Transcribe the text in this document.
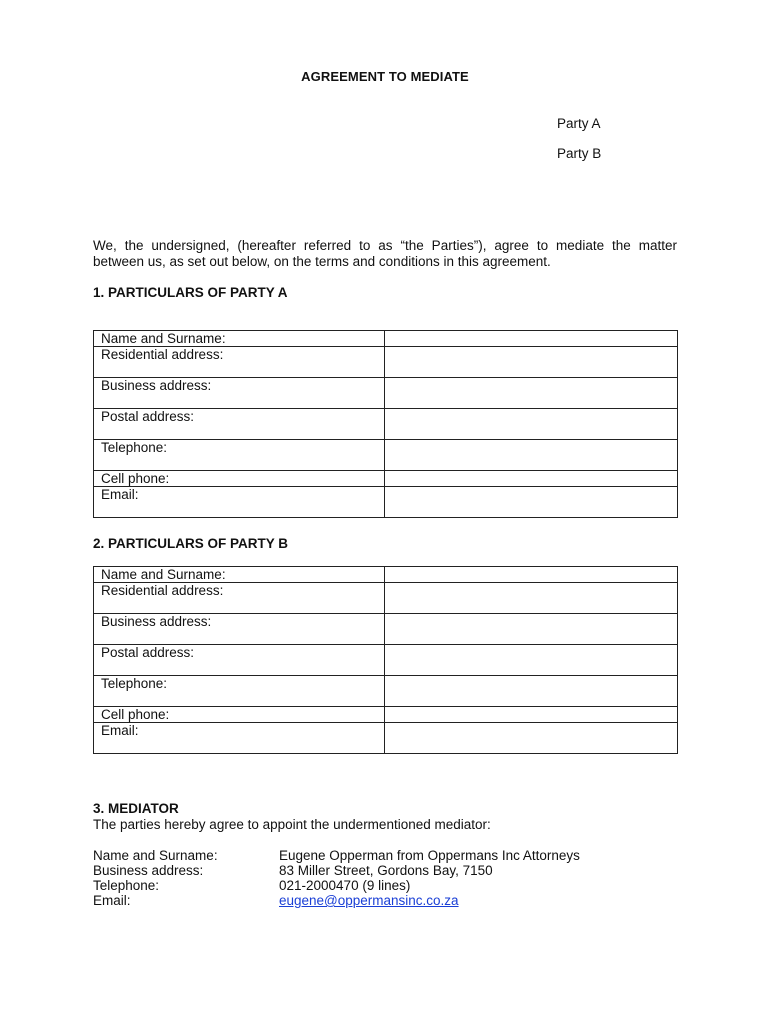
AGREEMENT TO MEDIATE
Party A
Party B
We, the undersigned, (hereafter referred to as “the Parties”), agree to mediate the matter between us, as set out below, on the terms and conditions in this agreement.
1. PARTICULARS OF PARTY A
Name and Surname:	
Residential address:	
Business address:	
Postal address:	
Telephone:	
Cell phone:	
Email:	
2. PARTICULARS OF PARTY B
Name and Surname:	
Residential address:	
Business address:	
Postal address:	
Telephone:	
Cell phone:	
Email:	
3. MEDIATOR
The parties hereby agree to appoint the undermentioned mediator:
Name and Surname:	Eugene Opperman from Oppermans Inc Attorneys
Business address:	83 Miller Street, Gordons Bay, 7150
Telephone:	021-2000470 (9 lines)
Email:	eugene@oppermansinc.co.za
